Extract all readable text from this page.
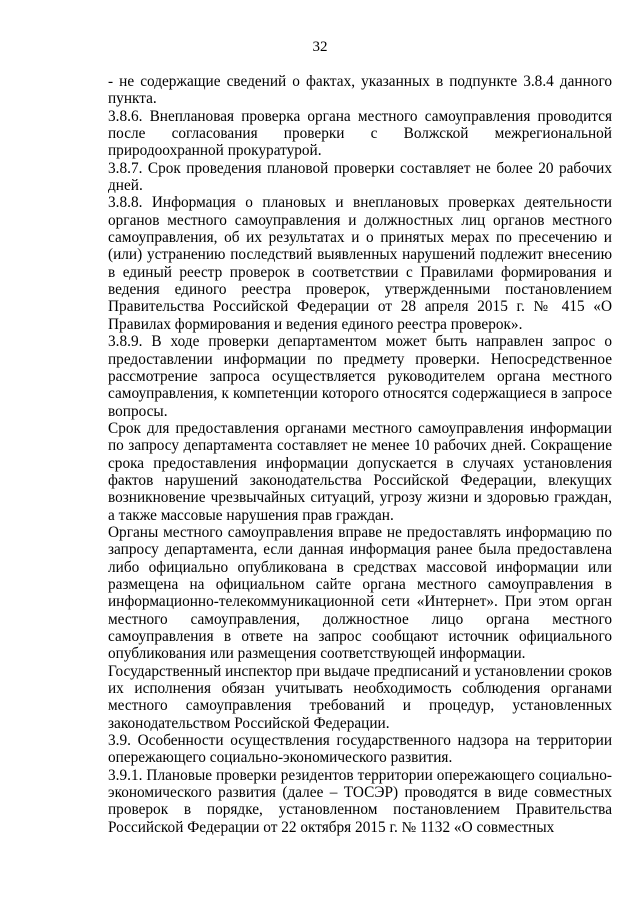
32

- не содержащие сведений о фактах, указанных в подпункте 3.8.4 данного пункта.

3.8.6. Внеплановая проверка органа местного самоуправления проводится после согласования проверки с Волжской межрегиональной природоохранной прокуратурой.

3.8.7. Срок проведения плановой проверки составляет не более 20 рабочих дней.

3.8.8. Информация о плановых и внеплановых проверках деятельности органов местного самоуправления и должностных лиц органов местного самоуправления, об их результатах и о принятых мерах по пресечению и (или) устранению последствий выявленных нарушений подлежит внесению в единый реестр проверок в соответствии с Правилами формирования и ведения единого реестра проверок, утвержденными постановлением Правительства Российской Федерации от 28 апреля 2015 г. № 415 «О Правилах формирования и ведения единого реестра проверок».

3.8.9. В ходе проверки департаментом может быть направлен запрос о предоставлении информации по предмету проверки. Непосредственное рассмотрение запроса осуществляется руководителем органа местного самоуправления, к компетенции которого относятся содержащиеся в запросе вопросы.

Срок для предоставления органами местного самоуправления информации по запросу департамента составляет не менее 10 рабочих дней. Сокращение срока предоставления информации допускается в случаях установления фактов нарушений законодательства Российской Федерации, влекущих возникновение чрезвычайных ситуаций, угрозу жизни и здоровью граждан, а также массовые нарушения прав граждан.

Органы местного самоуправления вправе не предоставлять информацию по запросу департамента, если данная информация ранее была предоставлена либо официально опубликована в средствах массовой информации или размещена на официальном сайте органа местного самоуправления в информационно-телекоммуникационной сети «Интернет». При этом орган местного самоуправления, должностное лицо органа местного самоуправления в ответе на запрос сообщают источник официального опубликования или размещения соответствующей информации.

Государственный инспектор при выдаче предписаний и установлении сроков их исполнения обязан учитывать необходимость соблюдения органами местного самоуправления требований и процедур, установленных законодательством Российской Федерации.

3.9. Особенности осуществления государственного надзора на территории опережающего социально-экономического развития.

3.9.1. Плановые проверки резидентов территории опережающего социально-экономического развития (далее – ТОСЭР) проводятся в виде совместных проверок в порядке, установленном постановлением Правительства Российской Федерации от 22 октября 2015 г. № 1132 «О совместных
